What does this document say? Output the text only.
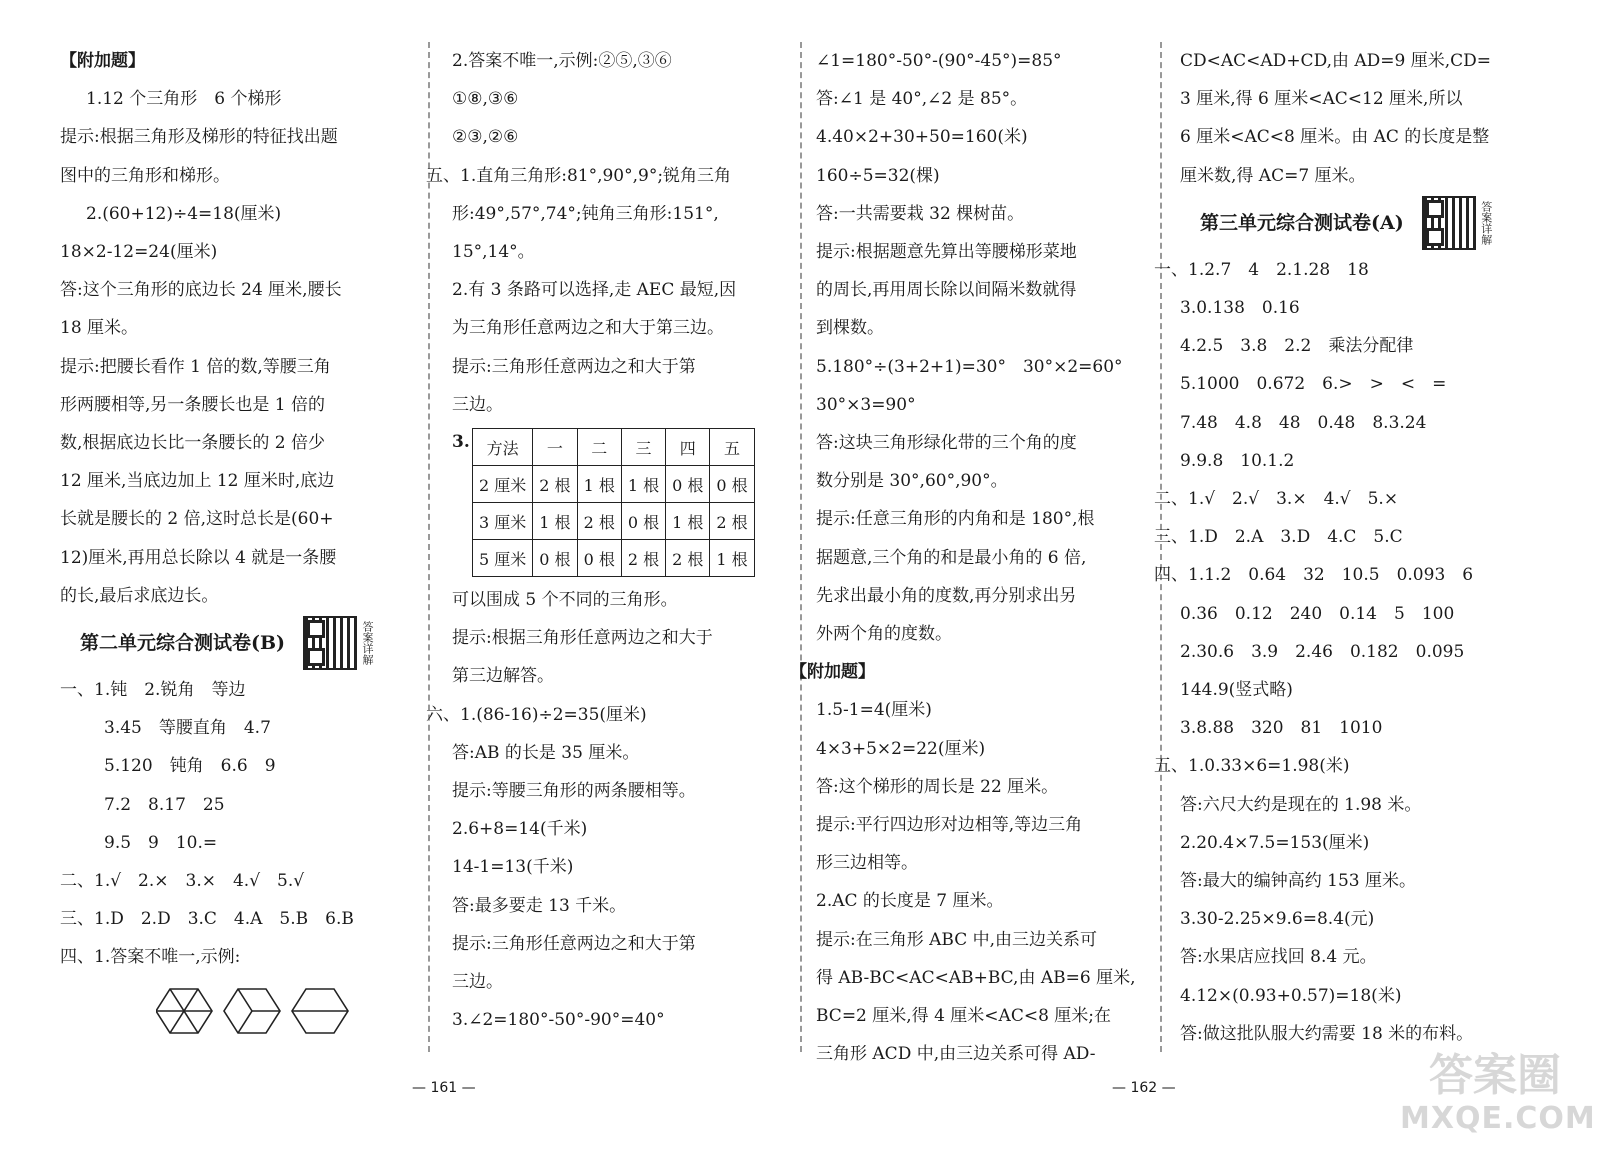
【附加题】
1.12 个三角形　6 个梯形
提示:根据三角形及梯形的特征找出题
图中的三角形和梯形。
2.(60+12)÷4=18(厘米)
18×2-12=24(厘米)
答:这个三角形的底边长 24 厘米,腰长
18 厘米。
提示:把腰长看作 1 倍的数,等腰三角
形两腰相等,另一条腰长也是 1 倍的
数,根据底边长比一条腰长的 2 倍少
12 厘米,当底边加上 12 厘米时,底边
长就是腰长的 2 倍,这时总长是(60+
12)厘米,再用总长除以 4 就是一条腰
的长,最后求底边长。
第二单元综合测试卷(B)	答案详解
一、1.钝　2.锐角　等边
3.45　等腰直角　4.7
5.120　钝角　6.6　9
7.2　8.17　25
9.5　9　10.=
二、1.√　2.×　3.×　4.√　5.√
三、1.D　2.D　3.C　4.A　5.B　6.B
四、1.答案不唯一,示例:
2.答案不唯一,示例:②⑤,③⑥
①⑧,③⑥
②③,②⑥
五、1.直角三角形:81°,90°,9°;锐角三角
形:49°,57°,74°;钝角三角形:151°,
15°,14°。
2.有 3 条路可以选择,走 AEC 最短,因
为三角形任意两边之和大于第三边。
提示:三角形任意两边之和大于第
三边。
3. 方法	一	二	三	四	五
2 厘米	2 根	1 根	1 根	0 根	0 根
3 厘米	1 根	2 根	0 根	1 根	2 根
5 厘米	0 根	0 根	2 根	2 根	1 根
可以围成 5 个不同的三角形。
提示:根据三角形任意两边之和大于
第三边解答。
六、1.(86-16)÷2=35(厘米)
答:AB 的长是 35 厘米。
提示:等腰三角形的两条腰相等。
2.6+8=14(千米)
14-1=13(千米)
答:最多要走 13 千米。
提示:三角形任意两边之和大于第
三边。
3.∠2=180°-50°-90°=40°
∠1=180°-50°-(90°-45°)=85°
答:∠1 是 40°,∠2 是 85°。
4.40×2+30+50=160(米)
160÷5=32(棵)
答:一共需要栽 32 棵树苗。
提示:根据题意先算出等腰梯形菜地
的周长,再用周长除以间隔米数就得
到棵数。
5.180°÷(3+2+1)=30°　30°×2=60°
30°×3=90°
答:这块三角形绿化带的三个角的度
数分别是 30°,60°,90°。
提示:任意三角形的内角和是 180°,根
据题意,三个角的和是最小角的 6 倍,
先求出最小角的度数,再分别求出另
外两个角的度数。
【附加题】
1.5-1=4(厘米)
4×3+5×2=22(厘米)
答:这个梯形的周长是 22 厘米。
提示:平行四边形对边相等,等边三角
形三边相等。
2.AC 的长度是 7 厘米。
提示:在三角形 ABC 中,由三边关系可
得 AB-BC<AC<AB+BC,由 AB=6 厘米,
BC=2 厘米,得 4 厘米<AC<8 厘米;在
三角形 ACD 中,由三边关系可得 AD-
CD<AC<AD+CD,由 AD=9 厘米,CD=
3 厘米,得 6 厘米<AC<12 厘米,所以
6 厘米<AC<8 厘米。由 AC 的长度是整
厘米数,得 AC=7 厘米。
第三单元综合测试卷(A)	答案详解
一、1.2.7　4　2.1.28　18
3.0.138　0.16
4.2.5　3.8　2.2　乘法分配律
5.1000　0.672　6.>　>　<　=
7.48　4.8　48　0.48　8.3.24
9.9.8　10.1.2
二、1.√　2.√　3.×　4.√　5.×
三、1.D　2.A　3.D　4.C　5.C
四、1.1.2　0.64　32　10.5　0.093　6
0.36　0.12　240　0.14　5　100
2.30.6　3.9　2.46　0.182　0.095
144.9(竖式略)
3.8.88　320　81　1010
五、1.0.33×6=1.98(米)
答:六尺大约是现在的 1.98 米。
2.20.4×7.5=153(厘米)
答:最大的编钟高约 153 厘米。
3.30-2.25×9.6=8.4(元)
答:水果店应找回 8.4 元。
4.12×(0.93+0.57)=18(米)
答:做这批队服大约需要 18 米的布料。
— 161 —	— 162 —	答案圈
MXQE.COM
